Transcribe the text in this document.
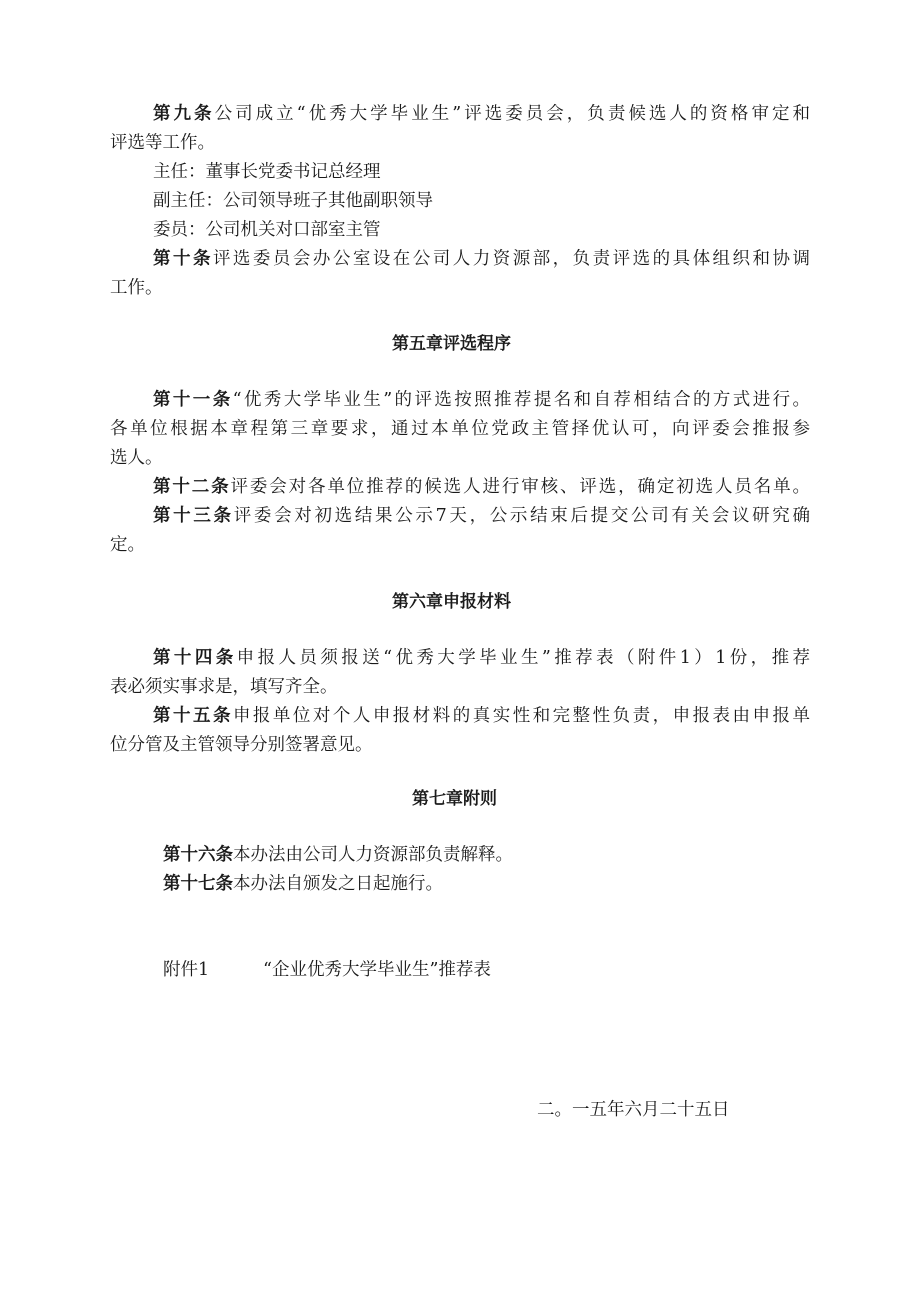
第九条公司成立“优秀大学毕业生”评选委员会，负责候选人的资格审定和

评选等工作。

主任：董事长党委书记总经理

副主任：公司领导班子其他副职领导

委员：公司机关对口部室主管

第十条评选委员会办公室设在公司人力资源部，负责评选的具体组织和协调

工作。

第五章评选程序

第十一条“优秀大学毕业生”的评选按照推荐提名和自荐相结合的方式进行。

各单位根据本章程第三章要求，通过本单位党政主管择优认可，向评委会推报参

选人。

第十二条评委会对各单位推荐的候选人进行审核、评选，确定初选人员名单。

第十三条评委会对初选结果公示7天，公示结束后提交公司有关会议研究确

定。

第六章申报材料

第十四条申报人员须报送“优秀大学毕业生”推荐表（附件1）1份，推荐

表必须实事求是，填写齐全。

第十五条申报单位对个人申报材料的真实性和完整性负责，申报表由申报单

位分管及主管领导分别签署意见。

第七章附则

第十六条本办法由公司人力资源部负责解释。

第十七条本办法自颁发之日起施行。

附件1	“企业优秀大学毕业生”推荐表

二。一五年六月二十五日
